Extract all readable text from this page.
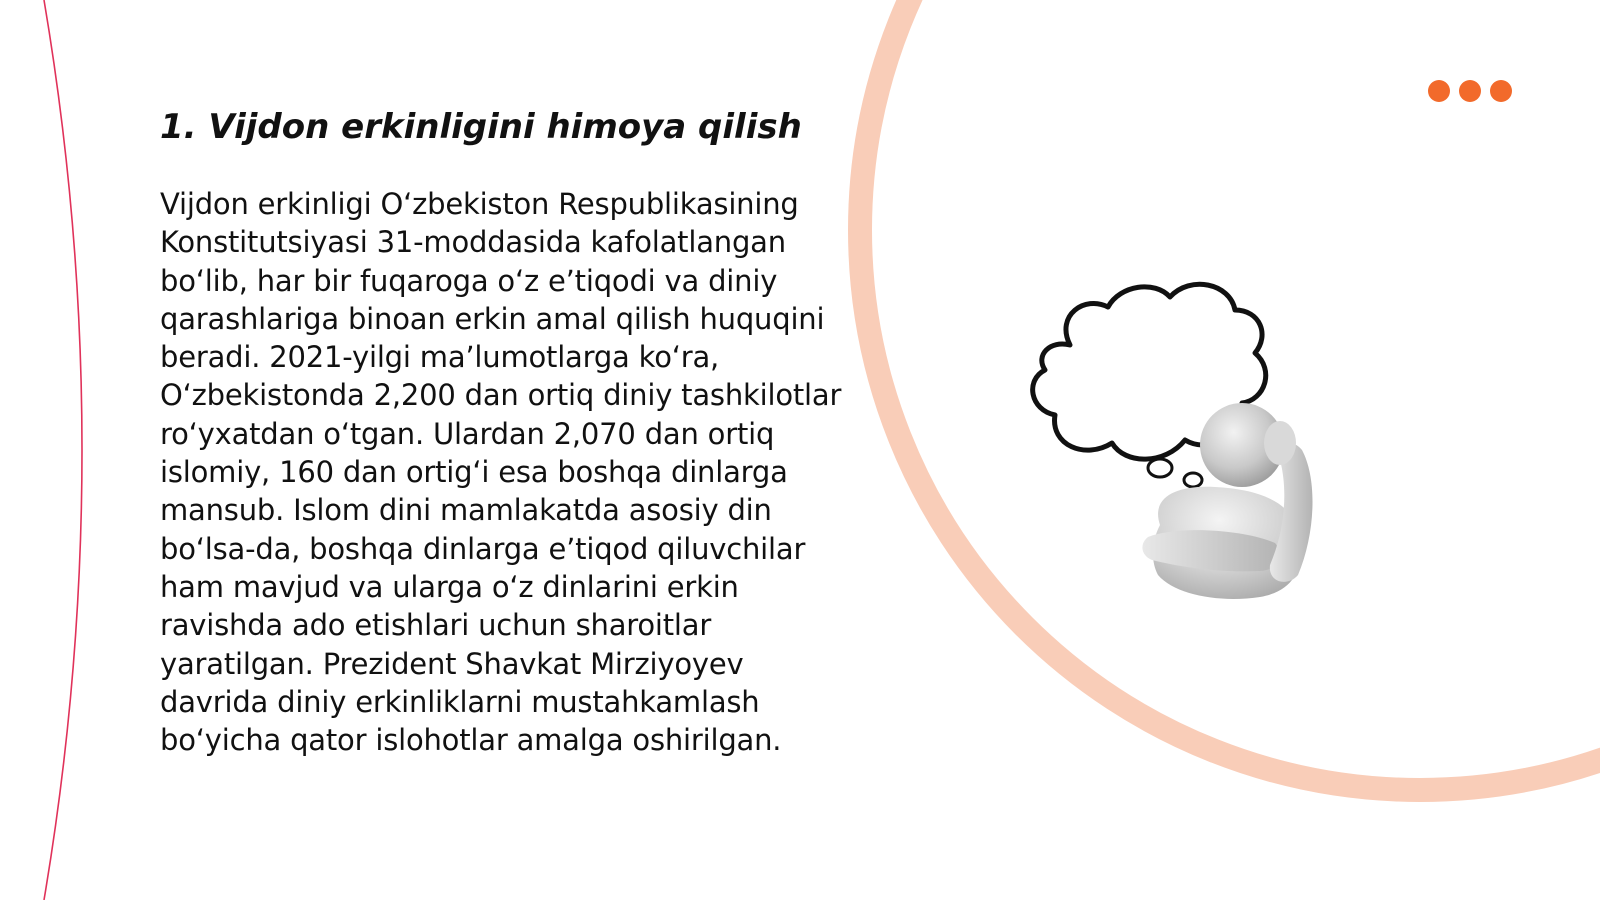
1. Vijdon erkinligini himoya qilish

Vijdon erkinligi O‘zbekiston Respublikasining Konstitutsiyasi 31-moddasida kafolatlangan bo‘lib, har bir fuqaroga o‘z e’tiqodi va diniy qarashlariga binoan erkin amal qilish huquqini beradi. 2021-yilgi ma’lumotlarga ko‘ra, O‘zbekistonda 2,200 dan ortiq diniy tashkilotlar ro‘yxatdan o‘tgan. Ulardan 2,070 dan ortiq islomiy, 160 dan ortig‘i esa boshqa dinlarga mansub. Islom dini mamlakatda asosiy din bo‘lsa-da, boshqa dinlarga e’tiqod qiluvchilar ham mavjud va ularga o‘z dinlarini erkin ravishda ado etishlari uchun sharoitlar yaratilgan. Prezident Shavkat Mirziyoyev davrida diniy erkinliklarni mustahkamlash bo‘yicha qator islohotlar amalga oshirilgan.
